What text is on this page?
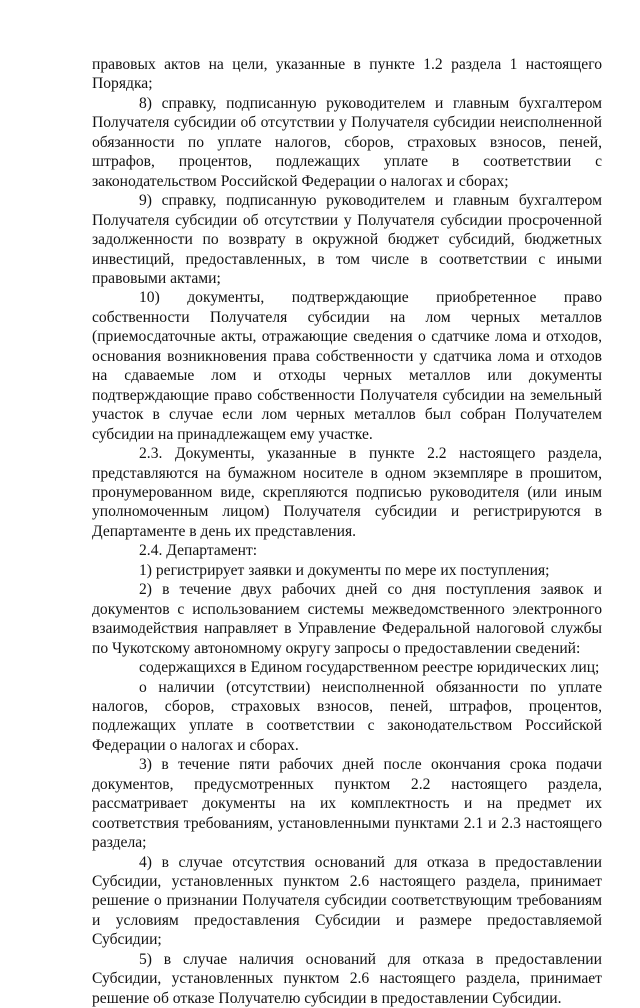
правовых актов на цели, указанные в пункте 1.2 раздела 1 настоящего Порядка;

8) справку, подписанную руководителем и главным бухгалтером Получателя субсидии об отсутствии у Получателя субсидии неисполненной обязанности по уплате налогов, сборов, страховых взносов, пеней, штрафов, процентов, подлежащих уплате в соответствии с законодательством Российской Федерации о налогах и сборах;

9) справку, подписанную руководителем и главным бухгалтером Получателя субсидии об отсутствии у Получателя субсидии просроченной задолженности по возврату в окружной бюджет субсидий, бюджетных инвестиций, предоставленных, в том числе в соответствии с иными правовыми актами;

10) документы, подтверждающие приобретенное право собственности Получателя субсидии на лом черных металлов (приемосдаточные акты, отражающие сведения о сдатчике лома и отходов, основания возникновения права собственности у сдатчика лома и отходов на сдаваемые лом и отходы черных металлов или документы подтверждающие право собственности Получателя субсидии на земельный участок в случае если лом черных металлов был собран Получателем субсидии на принадлежащем ему участке.

2.3. Документы, указанные в пункте 2.2 настоящего раздела, представляются на бумажном носителе в одном экземпляре в прошитом, пронумерованном виде, скрепляются подписью руководителя (или иным уполномоченным лицом) Получателя субсидии и регистрируются в Департаменте в день их представления.

2.4. Департамент:

1) регистрирует заявки и документы по мере их поступления;

2) в течение двух рабочих дней со дня поступления заявок и документов с использованием системы межведомственного электронного взаимодействия направляет в Управление Федеральной налоговой службы по Чукотскому автономному округу запросы о предоставлении сведений:

содержащихся в Едином государственном реестре юридических лиц;

о наличии (отсутствии) неисполненной обязанности по уплате налогов, сборов, страховых взносов, пеней, штрафов, процентов, подлежащих уплате в соответствии с законодательством Российской Федерации о налогах и сборах.

3) в течение пяти рабочих дней после окончания срока подачи документов, предусмотренных пунктом 2.2 настоящего раздела, рассматривает документы на их комплектность и на предмет их соответствия требованиям, установленными пунктами 2.1 и 2.3 настоящего раздела;

4) в случае отсутствия оснований для отказа в предоставлении Субсидии, установленных пунктом 2.6 настоящего раздела, принимает решение о признании Получателя субсидии соответствующим требованиям и условиям предоставления Субсидии и размере предоставляемой Субсидии;

5) в случае наличия оснований для отказа в предоставлении Субсидии, установленных пунктом 2.6 настоящего раздела, принимает решение об отказе Получателю субсидии в предоставлении Субсидии.
